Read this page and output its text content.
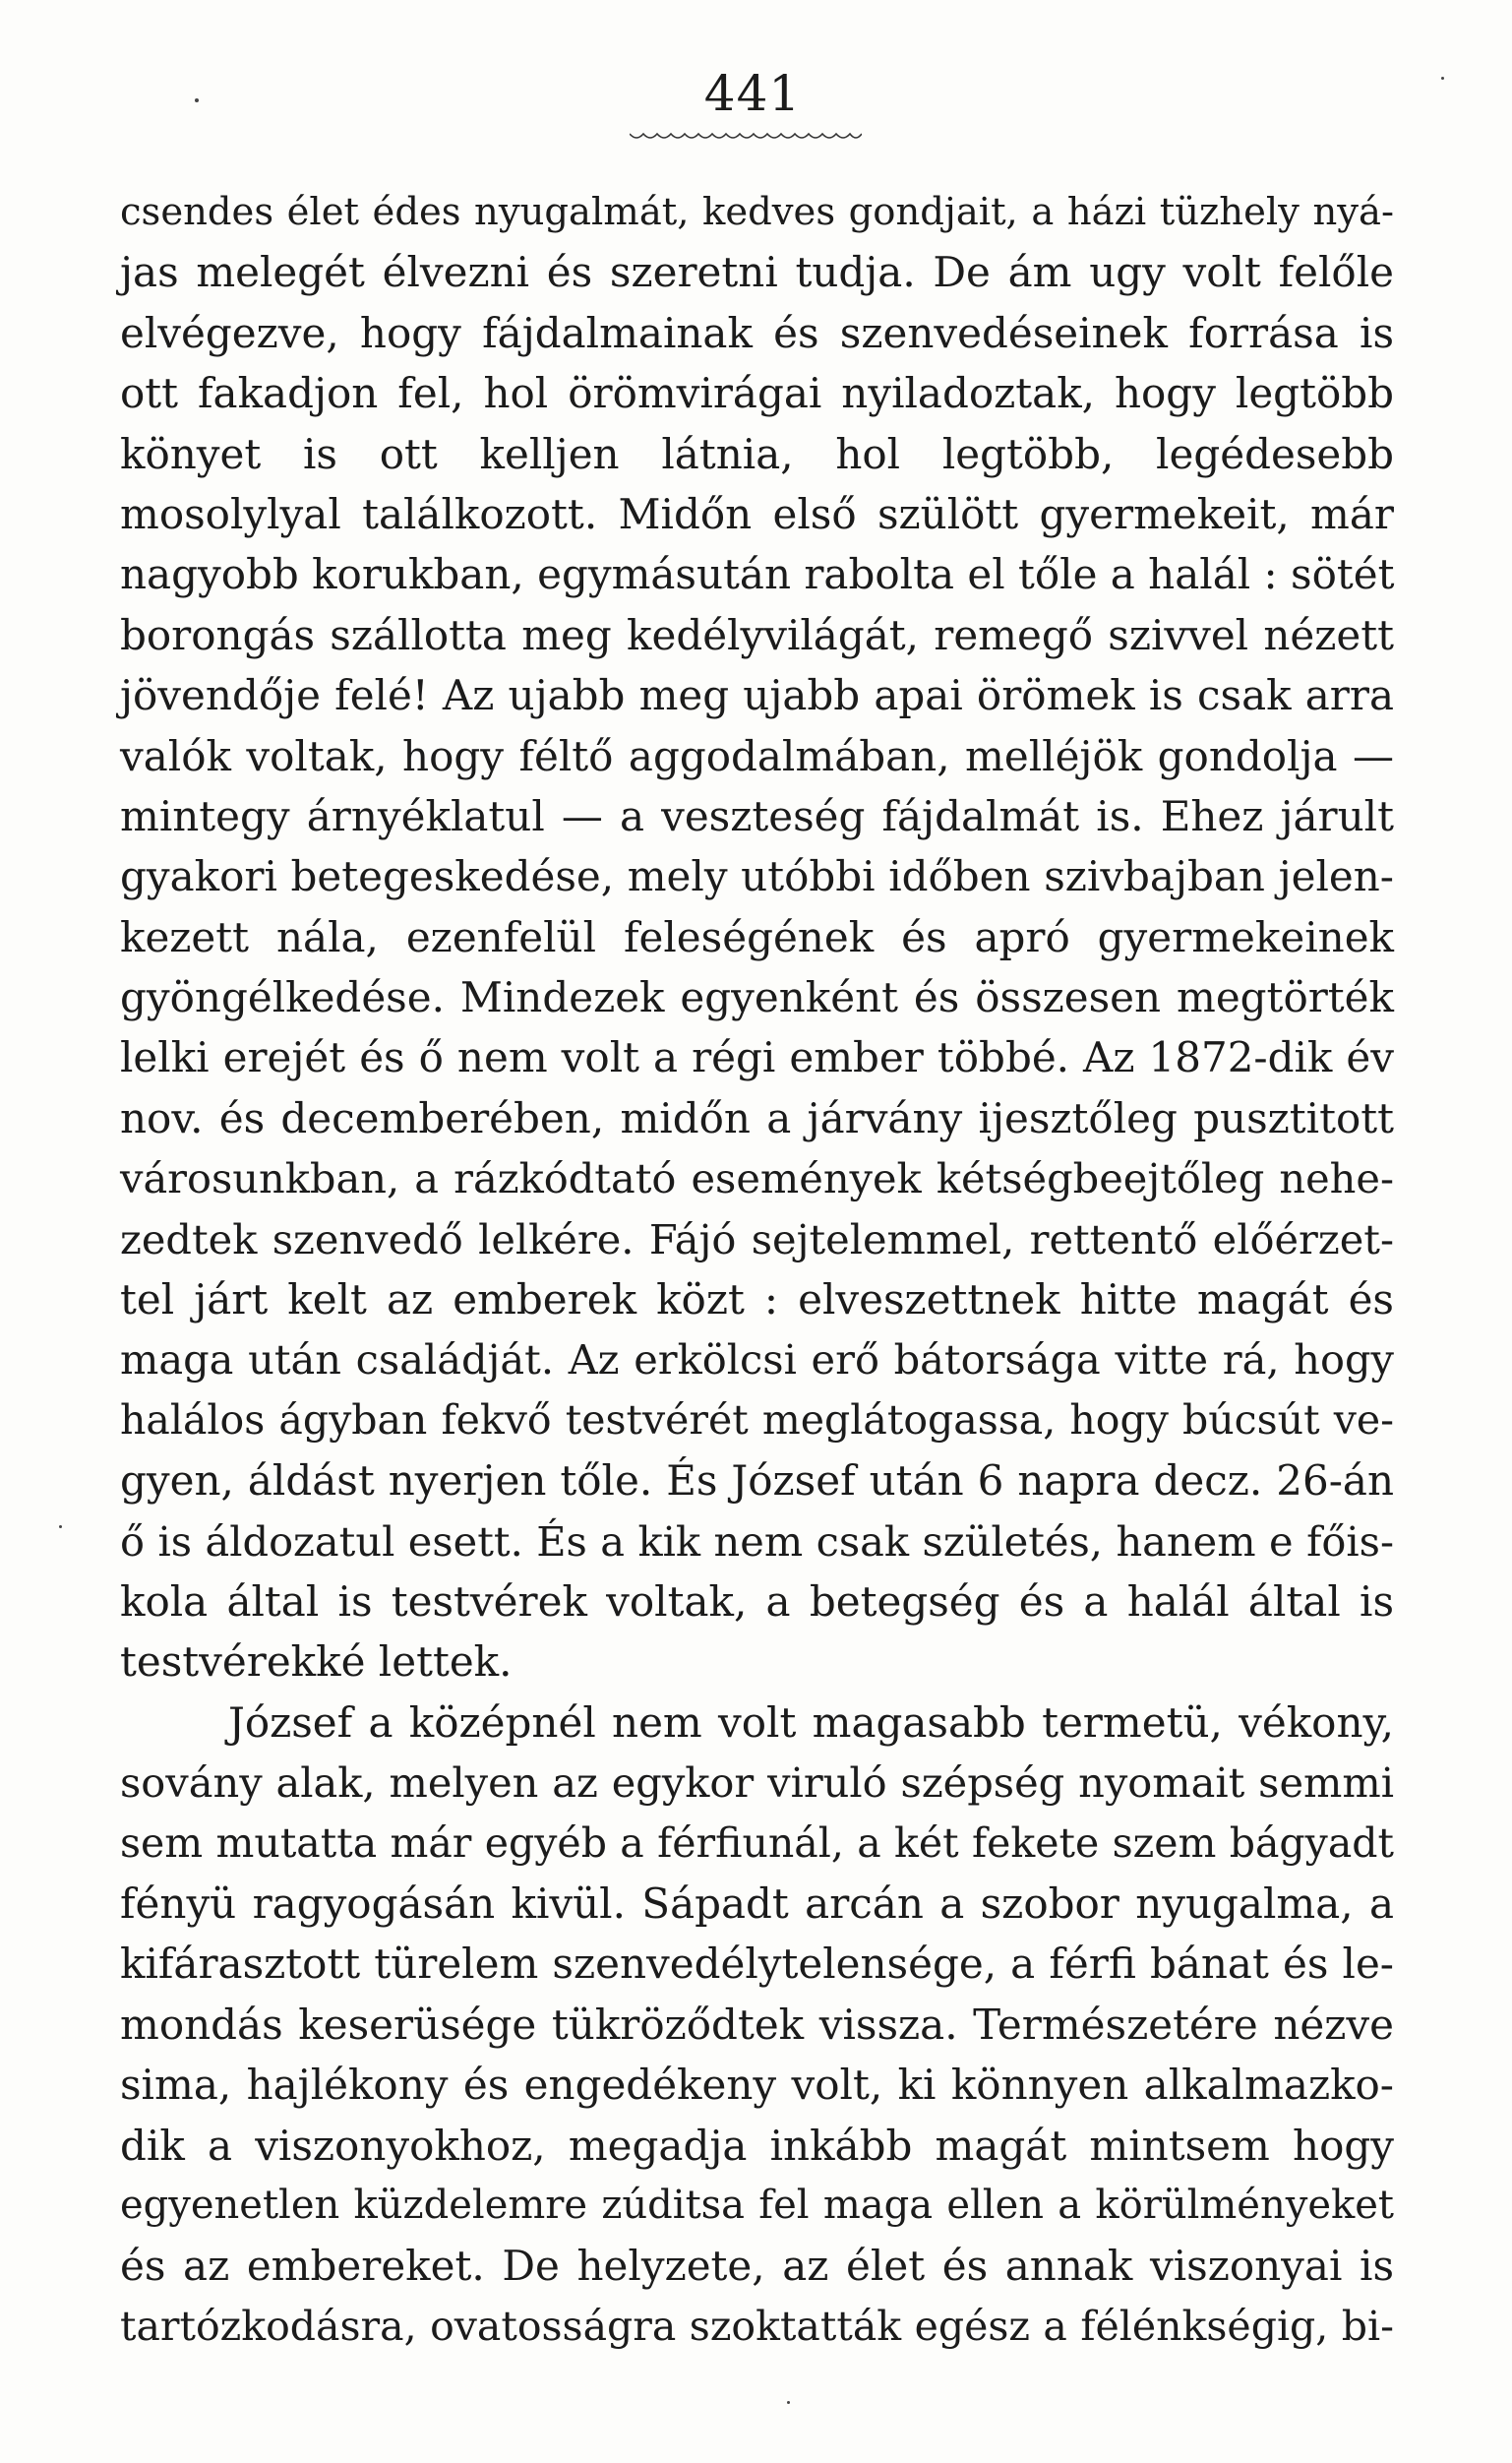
441
csendes élet édes nyugalmát, kedves gondjait, a házi tüzhely nyá-
jas melegét élvezni és szeretni tudja. De ám ugy volt felőle
elvégezve, hogy fájdalmainak és szenvedéseinek forrása is
ott fakadjon fel, hol örömvirágai nyiladoztak, hogy legtöbb
könyet is ott kelljen látnia, hol legtöbb, legédesebb
mosolylyal találkozott. Midőn első szülött gyermekeit, már
nagyobb korukban, egymásután rabolta el tőle a halál : sötét
borongás szállotta meg kedélyvilágát, remegő szivvel nézett
jövendője felé! Az ujabb meg ujabb apai örömek is csak arra
valók voltak, hogy féltő aggodalmában, melléjök gondolja —
mintegy árnyéklatul — a veszteség fájdalmát is. Ehez járult
gyakori betegeskedése, mely utóbbi időben szivbajban jelen-
kezett nála, ezenfelül feleségének és apró gyermekeinek
gyöngélkedése. Mindezek egyenként és összesen megtörték
lelki erejét és ő nem volt a régi ember többé. Az 1872-dik év
nov. és decemberében, midőn a járvány ijesztőleg pusztitott
városunkban, a rázkódtató események kétségbeejtőleg nehe-
zedtek szenvedő lelkére. Fájó sejtelemmel, rettentő előérzet-
tel járt kelt az emberek közt : elveszettnek hitte magát és
maga után családját. Az erkölcsi erő bátorsága vitte rá, hogy
halálos ágyban fekvő testvérét meglátogassa, hogy búcsút ve-
gyen, áldást nyerjen tőle. És József után 6 napra decz. 26-án
ő is áldozatul esett. És a kik nem csak születés, hanem e főis-
kola által is testvérek voltak, a betegség és a halál által is
testvérekké lettek.
József a középnél nem volt magasabb termetü, vékony,
sovány alak, melyen az egykor viruló szépség nyomait semmi
sem mutatta már egyéb a férfiunál, a két fekete szem bágyadt
fényü ragyogásán kivül. Sápadt arcán a szobor nyugalma, a
kifárasztott türelem szenvedélytelensége, a férfi bánat és le-
mondás keserüsége tükröződtek vissza. Természetére nézve
sima, hajlékony és engedékeny volt, ki könnyen alkalmazko-
dik a viszonyokhoz, megadja inkább magát mintsem hogy
egyenetlen küzdelemre zúditsa fel maga ellen a körülményeket
és az embereket. De helyzete, az élet és annak viszonyai is
tartózkodásra, ovatosságra szoktatták egész a félénkségig, bi-
